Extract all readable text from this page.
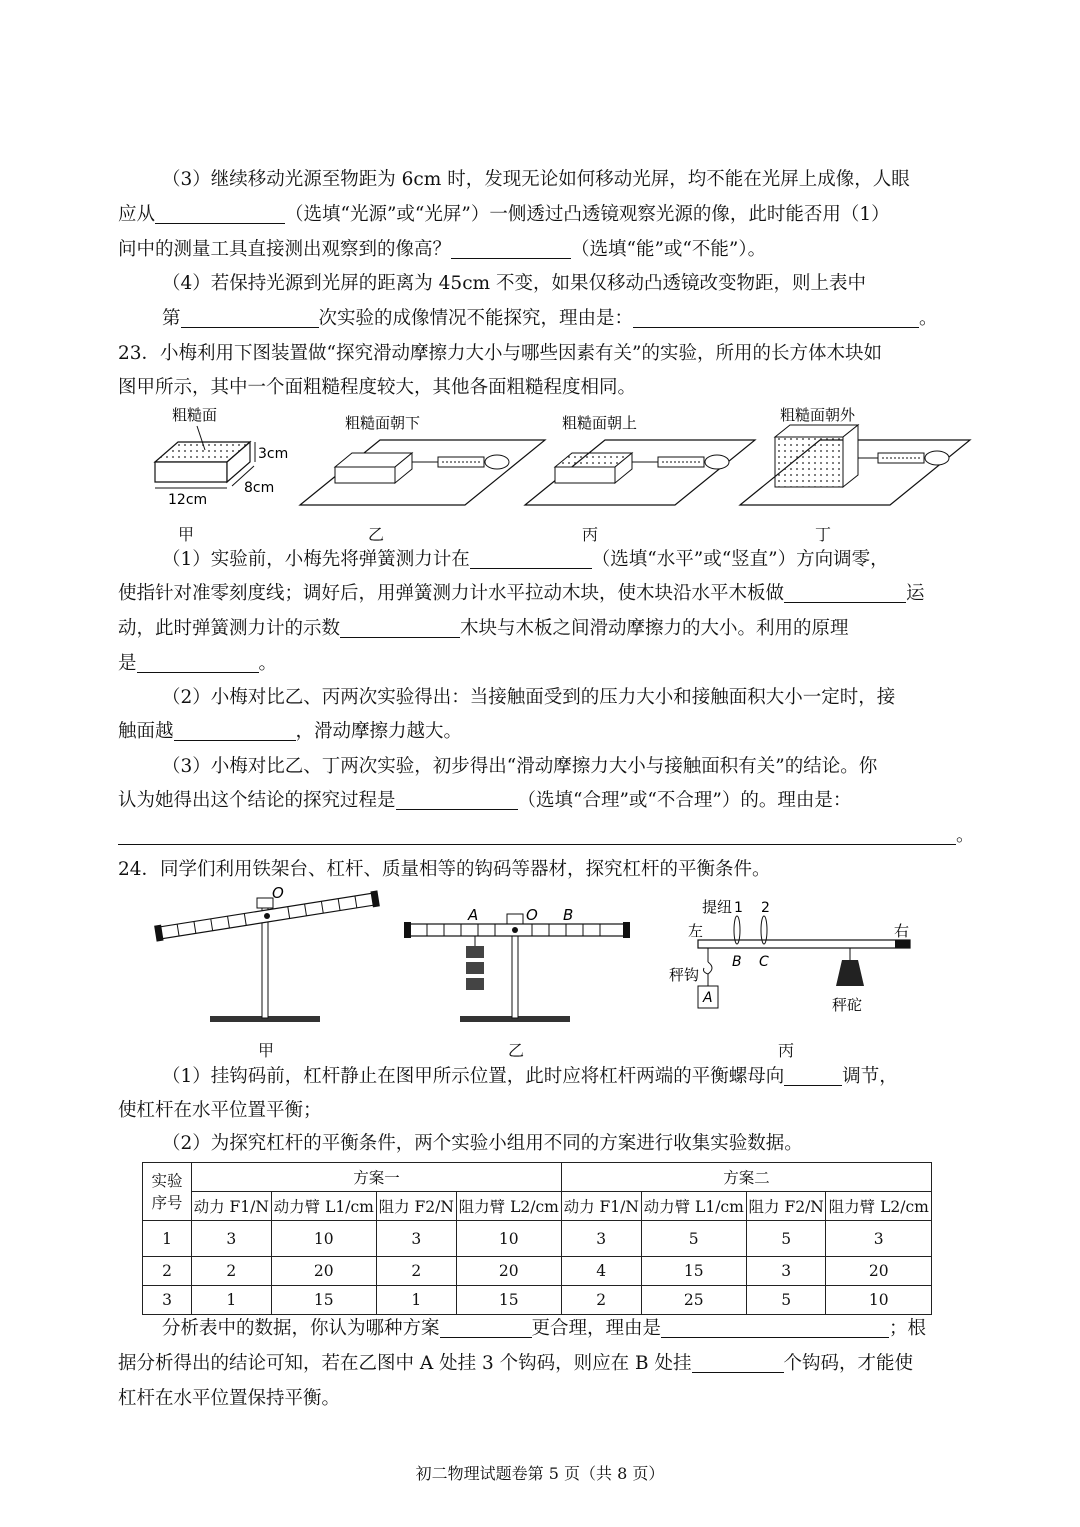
（3）继续移动光源至物距为 6cm 时，发现无论如何移动光屏，均不能在光屏上成像，人眼
应从	（选填“光源”或“光屏”）一侧透过凸透镜观察光源的像，此时能否用（1）
问中的测量工具直接测出观察到的像高？	（选填“能”或“不能”）。
（4）若保持光源到光屏的距离为 45cm 不变，如果仅移动凸透镜改变物距，则上表中
第	次实验的成像情况不能探究，理由是：	。
23．小梅利用下图装置做“探究滑动摩擦力大小与哪些因素有关”的实验，所用的长方体木块如
图甲所示，其中一个面粗糙程度较大，其他各面粗糙程度相同。
粗糙面
3cm
8cm
12cm
粗糙面朝下	粗糙面朝上	粗糙面朝外
甲	乙	丙	丁
（1）实验前，小梅先将弹簧测力计在	（选填“水平”或“竖直”）方向调零，
使指针对准零刻度线；调好后，用弹簧测力计水平拉动木块，使木块沿水平木板做	运
动，此时弹簧测力计的示数	木块与木板之间滑动摩擦力的大小。利用的原理
是	。
（2）小梅对比乙、丙两次实验得出：当接触面受到的压力大小和接触面积大小一定时，接
触面越	，滑动摩擦力越大。
（3）小梅对比乙、丁两次实验，初步得出“滑动摩擦力大小与接触面积有关”的结论。你
认为她得出这个结论的探究过程是	（选填“合理”或“不合理”）的。理由是：
。
24．同学们利用铁架台、杠杆、质量相等的钩码等器材，探究杠杆的平衡条件。
O
A	O B	提纽 1 2
左	右
B C
秤钩
A	秤砣
甲	乙	丙
（1）挂钩码前，杠杆静止在图甲所示位置，此时应将杠杆两端的平衡螺母向	调节，
使杠杆在水平位置平衡；
（2）为探究杠杆的平衡条件，两个实验小组用不同的方案进行收集实验数据。
实验
序号	方案一				方案二			
	动力 F1/N	动力臂 L1/cm	阻力 F2/N	阻力臂 L2/cm	动力 F1/N	动力臂 L1/cm	阻力 F2/N	阻力臂 L2/cm
1	3	10	3	10	3	5	5	3
2	2	20	2	20	4	15	3	20
3	1	15	1	15	2	25	5	10
分析表中的数据，你认为哪种方案	更合理，理由是	；根
据分析得出的结论可知，若在乙图中 A 处挂 3 个钩码，则应在 B 处挂	个钩码，才能使
杠杆在水平位置保持平衡。
初二物理试题卷第 5 页（共 8 页）
